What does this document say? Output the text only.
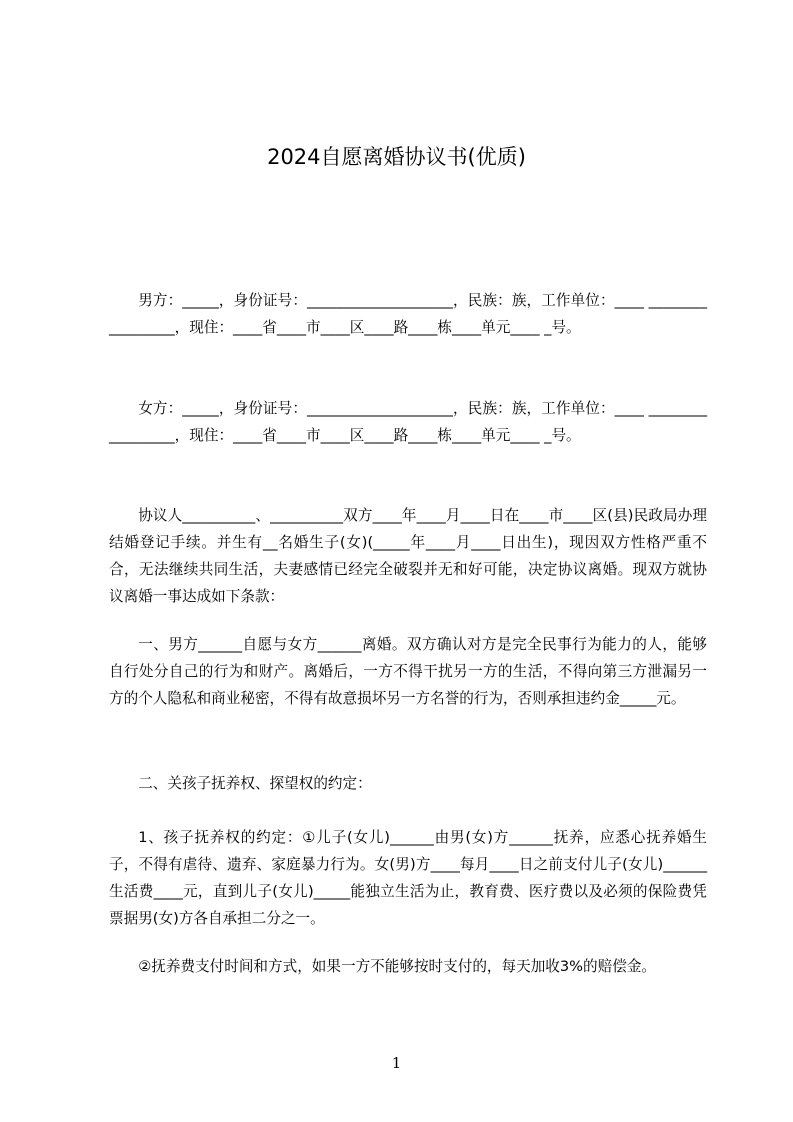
2024自愿离婚协议书(优质)

男方：_____，身份证号：____________________，民族：族，工作单位：____ _________________，现住：____省____市____区____路____栋____单元____ _号。

女方：_____，身份证号：____________________，民族：族，工作单位：____ _________________，现住：____省____市____区____路____栋____单元____ _号。

协议人__________、__________双方____年____月____日在____市____区(县)民政局办理结婚登记手续。并生有__名婚生子(女)(_____年____月____日出生)，现因双方性格严重不合，无法继续共同生活，夫妻感情已经完全破裂并无和好可能，决定协议离婚。现双方就协议离婚一事达成如下条款：

一、男方______自愿与女方______离婚。双方确认对方是完全民事行为能力的人，能够自行处分自己的行为和财产。离婚后，一方不得干扰另一方的生活，不得向第三方泄漏另一方的个人隐私和商业秘密，不得有故意损坏另一方名誉的行为，否则承担违约金_____元。

二、关孩子抚养权、探望权的约定：

1、孩子抚养权的约定：①儿子(女儿)______由男(女)方______抚养，应悉心抚养婚生子，不得有虐待、遗弃、家庭暴力行为。女(男)方____每月____日之前支付儿子(女儿)______生活费____元，直到儿子(女儿)_____能独立生活为止，教育费、医疗费以及必须的保险费凭票据男(女)方各自承担二分之一。

②抚养费支付时间和方式，如果一方不能够按时支付的，每天加收3%的赔偿金。

1
